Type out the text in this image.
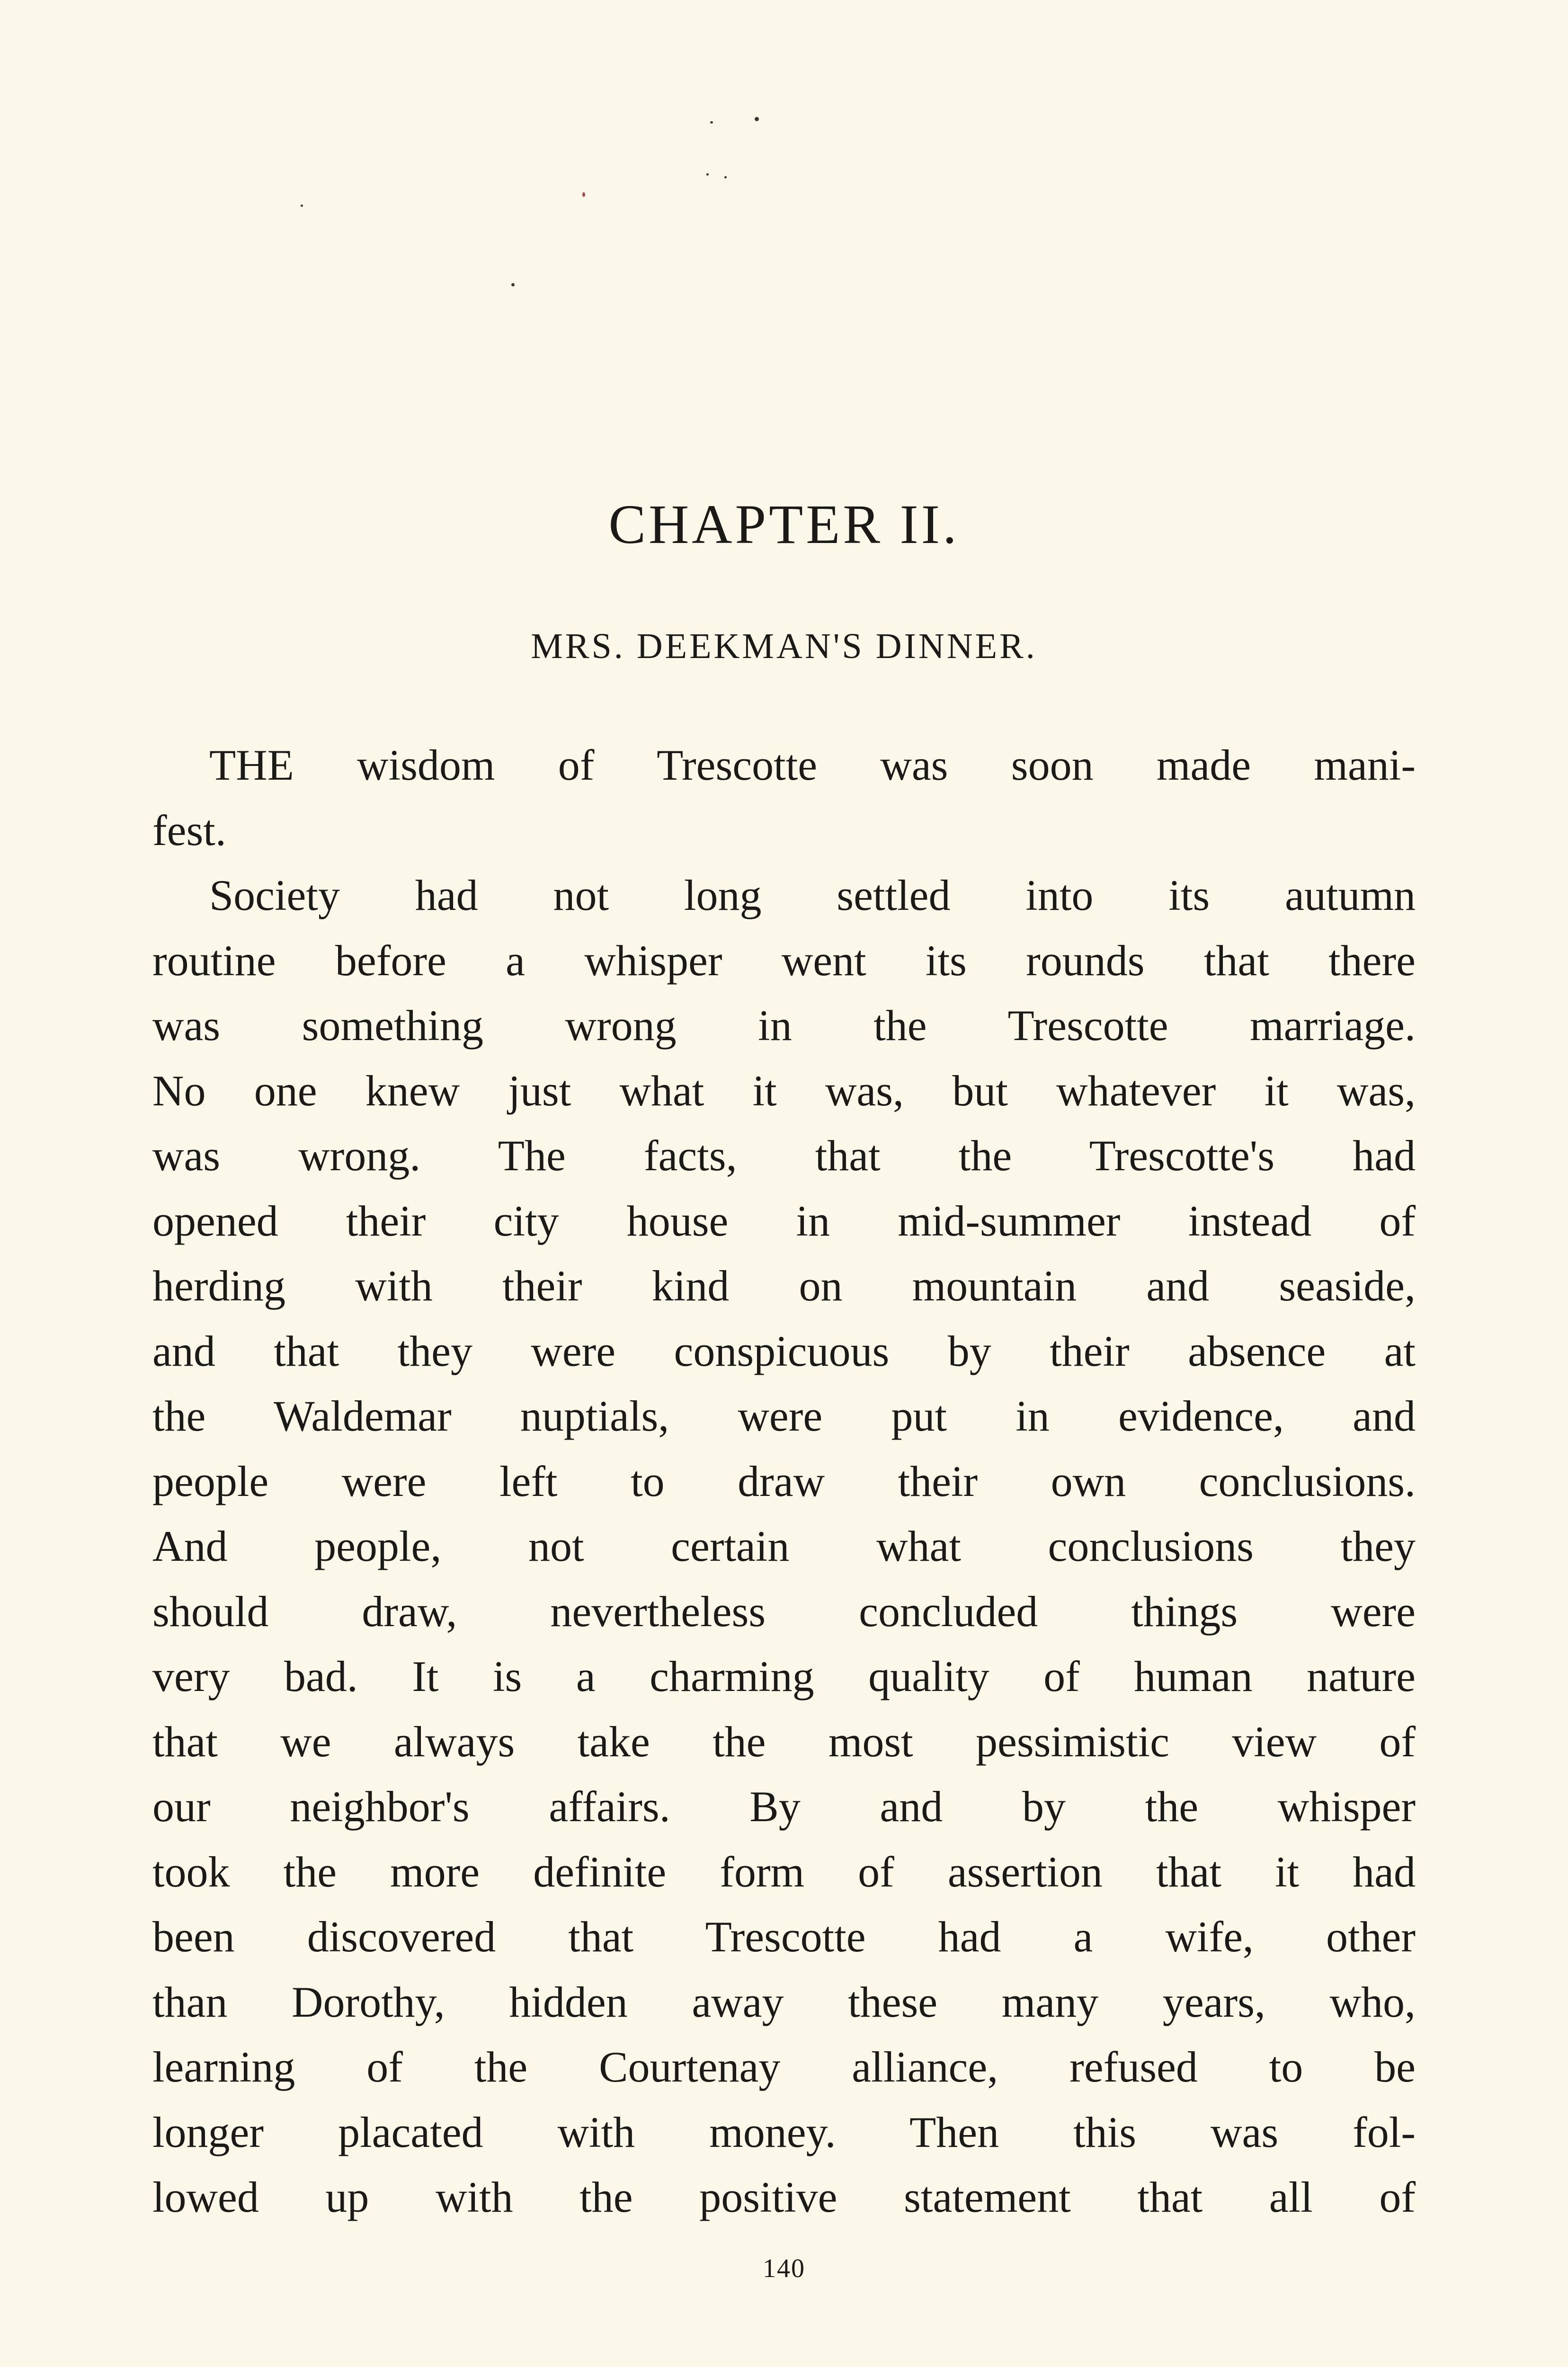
CHAPTER II.
MRS. DEEKMAN'S DINNER.
THE wisdom of Trescotte was soon made mani-
fest.
Society had not long settled into its autumn
routine before a whisper went its rounds that there
was something wrong in the Trescotte marriage.
No one knew just what it was, but whatever it was,
was wrong. The facts, that the Trescotte's had
opened their city house in mid-summer instead of
herding with their kind on mountain and seaside,
and that they were conspicuous by their absence at
the Waldemar nuptials, were put in evidence, and
people were left to draw their own conclusions.
And people, not certain what conclusions they
should draw, nevertheless concluded things were
very bad. It is a charming quality of human nature
that we always take the most pessimistic view of
our neighbor's affairs. By and by the whisper
took the more definite form of assertion that it had
been discovered that Trescotte had a wife, other
than Dorothy, hidden away these many years, who,
learning of the Courtenay alliance, refused to be
longer placated with money. Then this was fol-
lowed up with the positive statement that all of
140
